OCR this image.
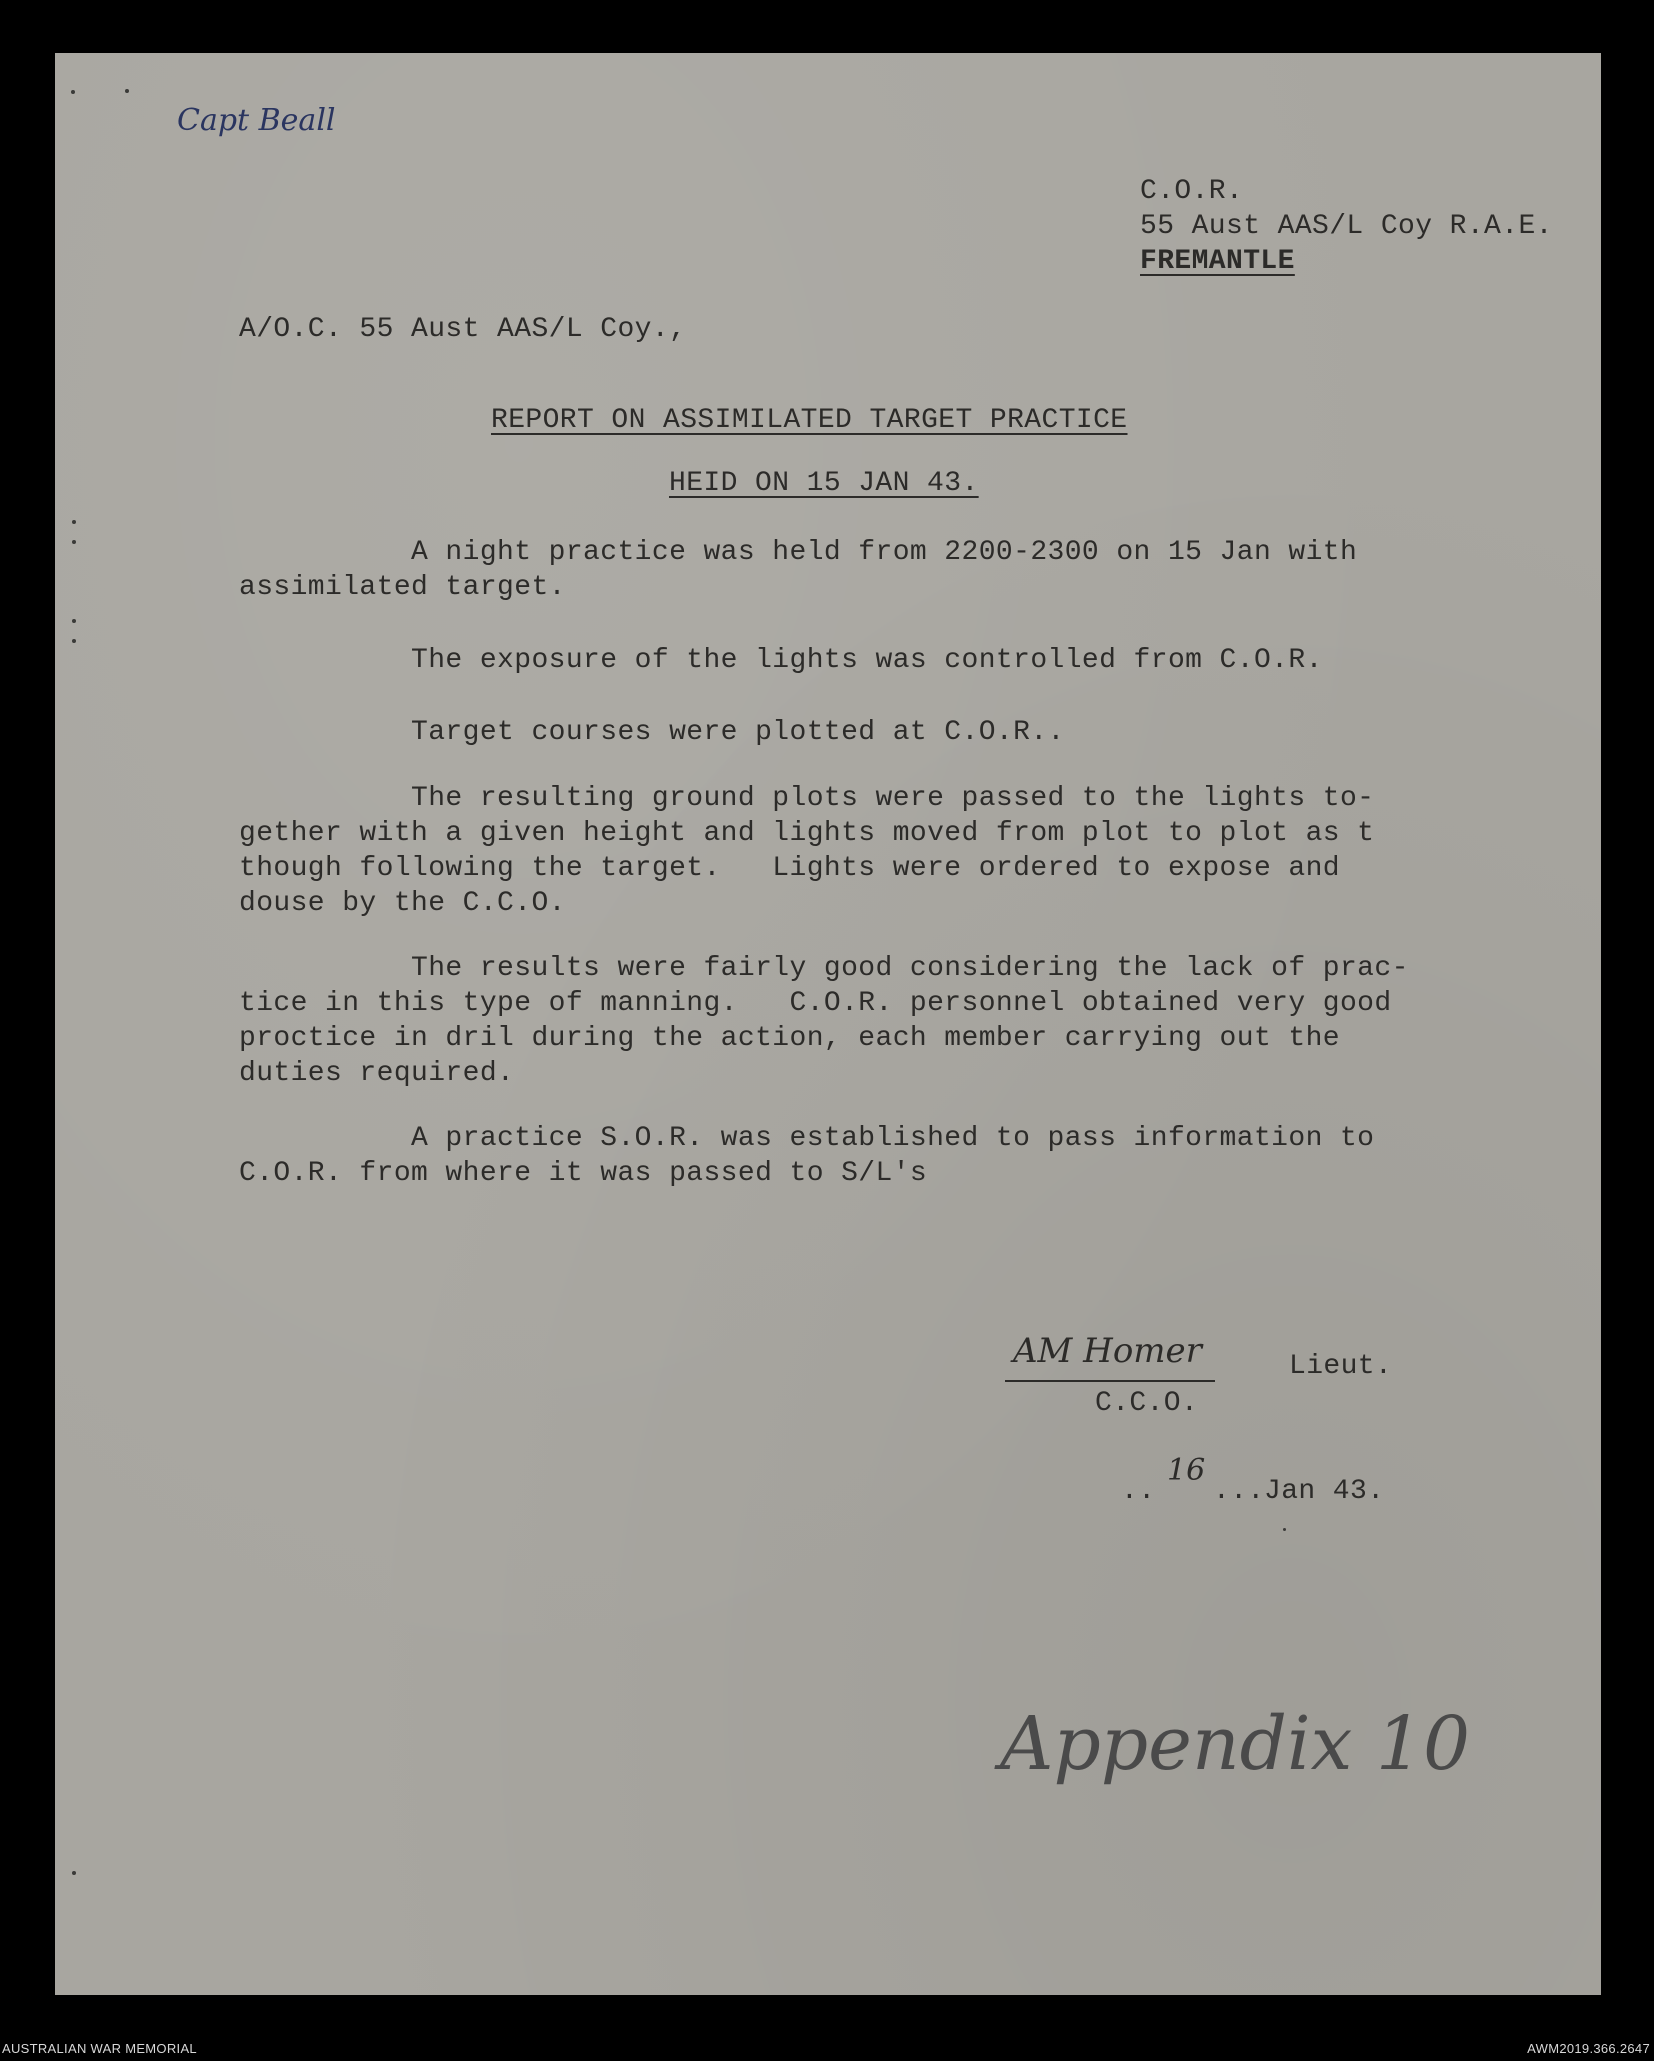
Capt Beall
C.O.R.
55 Aust AAS/L Coy R.A.E.
FREMANTLE
A/O.C. 55 Aust AAS/L Coy.,
REPORT ON ASSIMILATED TARGET PRACTICE
HEID ON 15 JAN 43.
A night practice was held from 2200-2300 on 15 Jan with
assimilated target.
The exposure of the lights was controlled from C.O.R.
Target courses were plotted at C.O.R..
The resulting ground plots were passed to the lights to-
gether with a given height and lights moved from plot to plot as t
though following the target.   Lights were ordered to expose and
douse by the C.C.O.
The results were fairly good considering the lack of prac-
tice in this type of manning.   C.O.R. personnel obtained very good
proctice in dril during the action, each member carrying out the
duties required.
A practice S.O.R. was established to pass information to
C.O.R. from where it was passed to S/L's
AM Homer	Lieut.
C.C.O.
..
16
... Jan 43.
Appendix 10
AUSTRALIAN WAR MEMORIAL	AWM2019.366.2647
